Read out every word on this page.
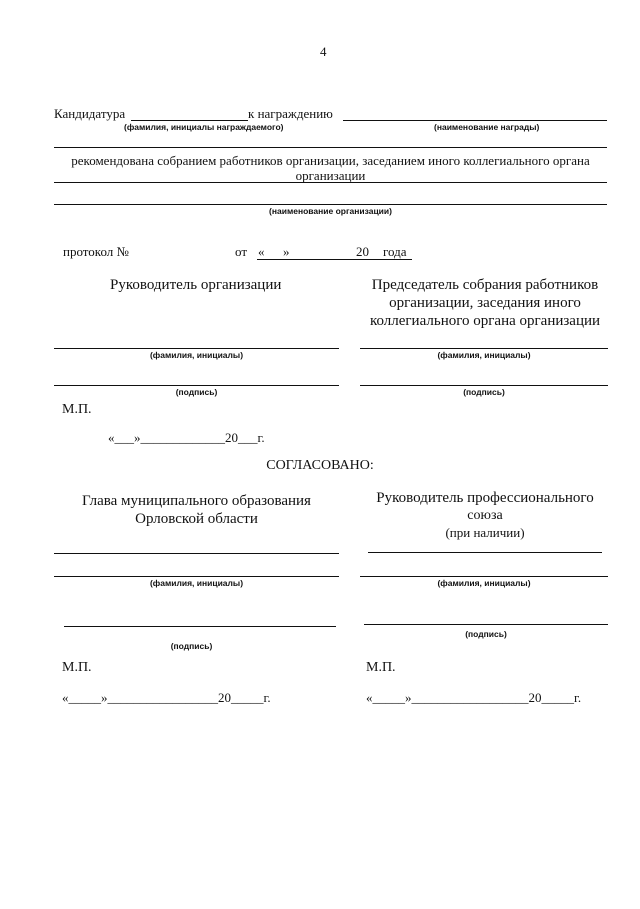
4
Кандидатура	к награждению
(фамилия, инициалы награждаемого)	(наименование награды)
рекомендована собранием работников организации, заседанием иного коллегиального органа
организации
(наименование организации)
протокол №	от « »	20 года
Руководитель организации
(фамилия, инициалы)
(подпись)
М.П.
«___»_____________20___г.
Председатель собрания работников
организации, заседания иного
коллегиального органа организации
(фамилия, инициалы)
(подпись)
СОГЛАСОВАНО:
Глава муниципального образования
Орловской области
(фамилия, инициалы)
(подпись)
М.П.
«_____»_________________20_____г.
Руководитель профессионального
союза
(при наличии)
(фамилия, инициалы)
(подпись)
М.П.
«_____»__________________20_____г.
